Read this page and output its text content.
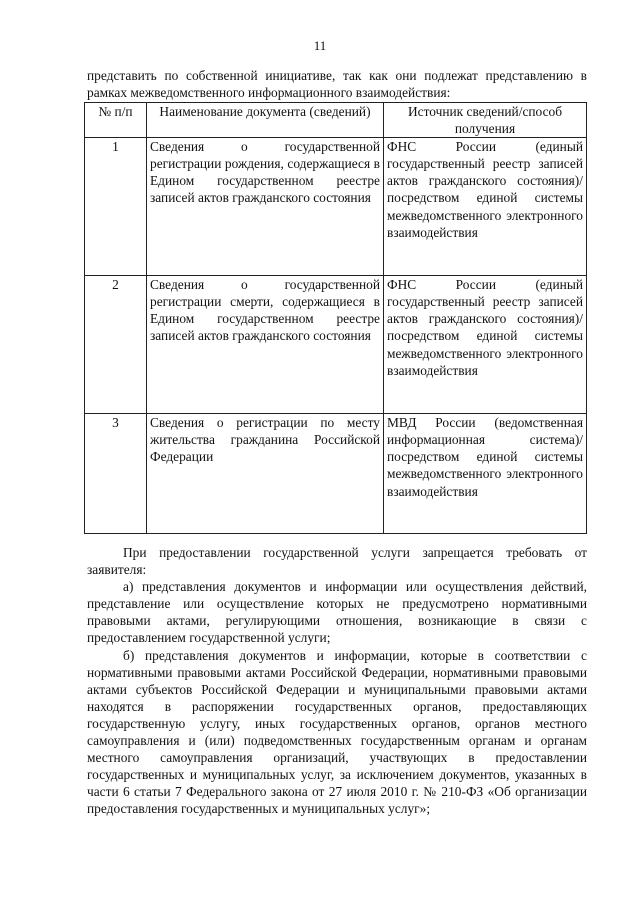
11

представить по собственной инициативе, так как они подлежат представлению в рамках межведомственного информационного взаимодействия:

№ п/п	Наименование документа (сведений)	Источник сведений/способ получения
1	Сведения о государственной регистрации рождения, содержащиеся в Едином государственном реестре записей актов гражданского состояния	ФНС России (единый государственный реестр записей актов гражданского состояния)/посредством единой системы межведомственного электронного взаимодействия
2	Сведения о государственной регистрации смерти, содержащиеся в Едином государственном реестре записей актов гражданского состояния	ФНС России (единый государственный реестр записей актов гражданского состояния)/посредством единой системы межведомственного электронного взаимодействия
3	Сведения о регистрации по месту жительства гражданина Российской Федерации	МВД России (ведомственная информационная система)/посредством единой системы межведомственного электронного взаимодействия

При предоставлении государственной услуги запрещается требовать от заявителя:

а) представления документов и информации или осуществления действий, представление или осуществление которых не предусмотрено нормативными правовыми актами, регулирующими отношения, возникающие в связи с предоставлением государственной услуги;

б) представления документов и информации, которые в соответствии с нормативными правовыми актами Российской Федерации, нормативными правовыми актами субъектов Российской Федерации и муниципальными правовыми актами находятся в распоряжении государственных органов, предоставляющих государственную услугу, иных государственных органов, органов местного самоуправления и (или) подведомственных государственным органам и органам местного самоуправления организаций, участвующих в предоставлении государственных и муниципальных услуг, за исключением документов, указанных в части 6 статьи 7 Федерального закона от 27 июля 2010 г. № 210-ФЗ «Об организации предоставления государственных и муниципальных услуг»;
